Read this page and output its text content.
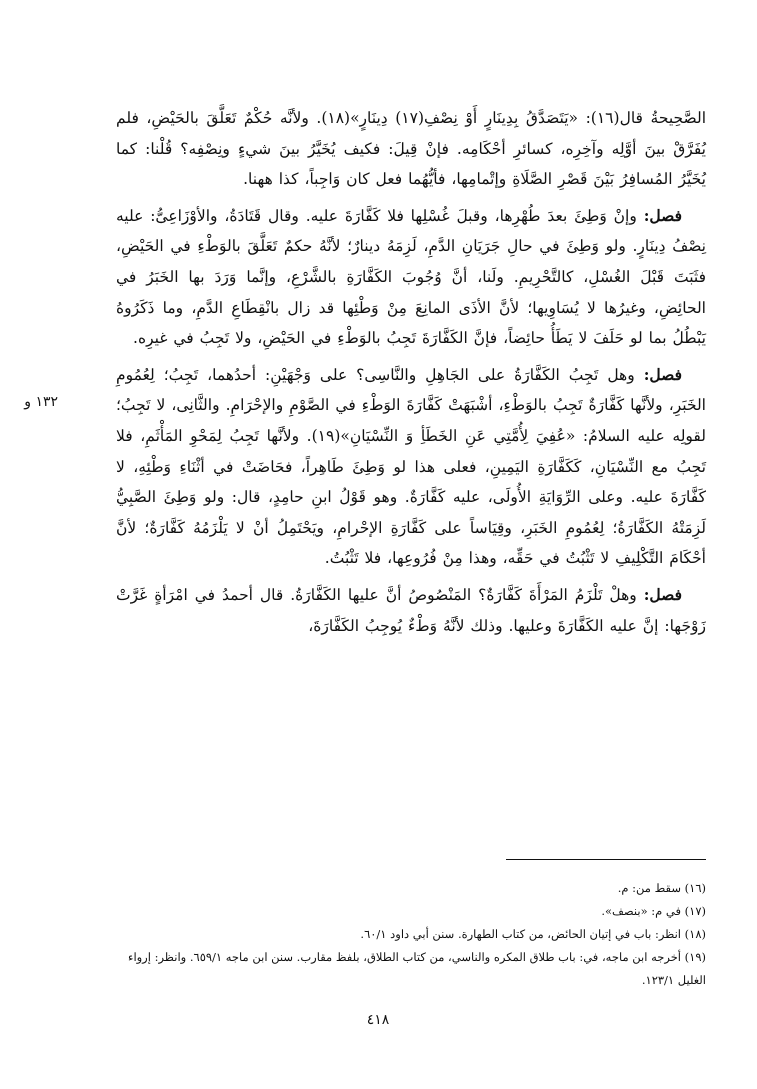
١٣٢ و

الصَّحِيحةُ قال(١٦): «يَتَصَدَّقُ بِدِينَارٍ أَوْ نِصْفِ(١٧) دِينَارٍ»(١٨). ولأنَّه حُكْمٌ تَعَلَّقَ بالحَيْضِ، فلم يُفَرَّقْ بينَ أوَّلِه وآخِرِه، كسائرِ أحْكَامِه. فإنْ قِيلَ: فكيف يُخَيَّرُ بينَ شيءٍ ونِصْفِه؟ قُلْنا: كما يُخَيَّرُ المُسافِرُ بَيْنَ قَصْرِ الصَّلَاةِ وإتْمامِها، فأيُّهُما فعل كان وَاجِباً، كذا ههنا.

فصل: وإنْ وَطِئَ بعدَ طُهْرِها، وقبلَ غُسْلِها فلا كَفَّارَةَ عليه. وقال قَتَادَةُ، والأوْزَاعِىُّ: عليه نِصْفُ دِينَارٍ. ولو وَطِئَ في حالِ جَرَيَانِ الدَّمِ، لَزِمَهُ دينارٌ؛ لأنَّهُ حكمٌ تَعَلَّقَ بالوَطْءِ في الحَيْضِ، فثَبَتَ قَبْلَ الغُسْلِ، كالتَّحْرِيمِ. ولَنا، أنَّ وُجُوبَ الكَفَّارَةِ بالشَّرْعِ، وإنَّما وَرَدَ بها الخَبَرُ في الحائِضِ، وغيرُها لا يُسَاوِيها؛ لأنَّ الأذَى المانِعَ مِنْ وَطْئِها قد زال بانْقِطَاعِ الدَّمِ، وما ذَكَرُوهُ يَبْطُلُ بما لو حَلَفَ لا يَطَأُ حائِضاً، فإنَّ الكَفَّارَةَ تَجِبُ بالوَطْءِ في الحَيْضِ، ولا تَجِبُ في غيرِه.

فصل: وهل تَجِبُ الكَفَّارَةُ على الجَاهِلِ والنَّاسِى؟ على وَجْهَيْنِ: أحدُهما، تَجِبُ؛ لِعُمُومِ الخَبَرِ، ولأنَّها كَفَّارَةٌ تَجِبُ بالوَطْءِ، أشْبَهَتْ كَفَّارَةَ الوَطْءِ في الصَّوْمِ والإحْرَامِ. والثَّانِى، لا تَجِبُ؛ لقولِه عليه السلامُ: «عُفِيَ لِأُمَّتِي عَنِ الخَطَأِ وَ النِّسْيَانِ»(١٩). ولأنَّها تَجِبُ لِمَحْوِ المَأْثَمِ، فلا تَجِبُ مع النِّسْيَانِ، كَكَفَّارَةِ اليَمِينِ، فعلى هذا لو وَطِئَ طَاهِراً، فحَاضَتْ في أثْنَاءِ وَطْئِهِ، لا كَفَّارَةَ عليه. وعلى الرِّوَايَةِ الأُولَى، عليه كَفَّارَةٌ. وهو قَوْلُ ابنِ حامِدٍ، قال: ولو وَطِئَ الصَّبِيُّ لَزِمَتْهُ الكَفَّارَةُ؛ لِعُمُومِ الخَبَرِ، وقِيَاساً على كَفَّارَةِ الإحْرامِ، ويَحْتَمِلُ أنْ لا يَلْزَمُهُ كَفَّارَةٌ؛ لأنَّ أحْكَامَ التَّكْلِيفِ لا تَثْبُتُ في حَقِّه، وهذا مِنْ فُرُوعِها، فلا تَثْبُتُ.

فصل: وهلْ تَلْزَمُ المَرْأَةَ كَفَّارَةٌ؟ المَنْصُوصُ أنَّ عليها الكَفَّارَةُ. قال أحمدُ في امْرَأةٍ غَرَّتْ زَوْجَها: إنَّ عليه الكَفَّارَةَ وعليها. وذلك لأنَّهُ وَطْءٌ يُوجِبُ الكَفَّارَةَ،

(١٦) سقط من: م.

(١٧) في م: «بنصف».

(١٨) انظر: باب في إتيان الحائض، من كتاب الطهارة. سنن أبي داود ٦٠/١.

(١٩) أخرجه ابن ماجه، في: باب طلاق المكره والناسي، من كتاب الطلاق، بلفظ مقارب. سنن ابن ماجه ٦٥٩/١. وانظر: إرواء الغليل ١٢٣/١.

٤١٨
